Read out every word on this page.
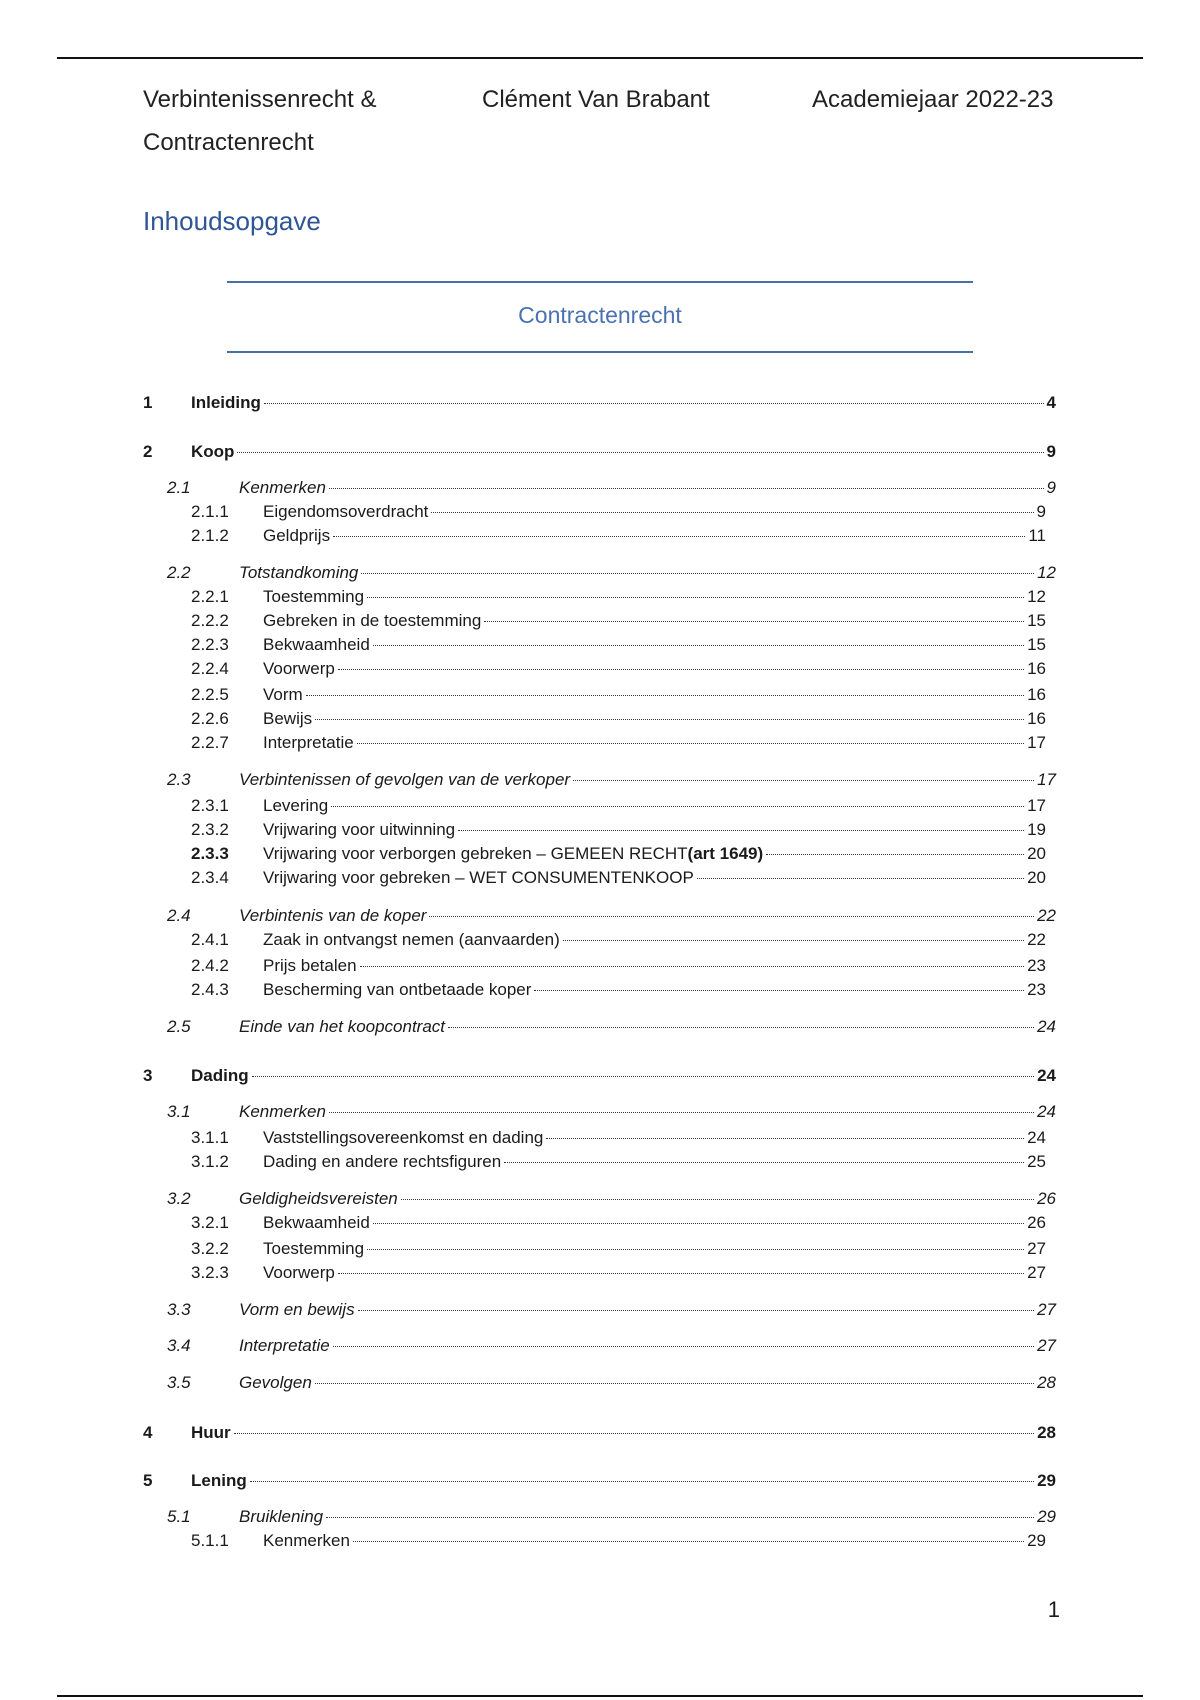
Verbintenissenrecht & Contractenrecht
Clément Van Brabant	Academiejaar 2022-23
Inhoudsopgave
Contractenrecht
1 Inleiding	4
2 Koop	9
2.1	Kenmerken	9
2.1.1 Eigendomsoverdracht	9
2.1.2 Geldprijs	11
2.2	Totstandkoming	12
2.2.1 Toestemming	12
2.2.2 Gebreken in de toestemming	15
2.2.3 Bekwaamheid	15
2.2.4 Voorwerp	16
2.2.5 Vorm	16
2.2.6 Bewijs	16
2.2.7 Interpretatie	17
2.3	Verbintenissen of gevolgen van de verkoper	17
2.3.1 Levering	17
2.3.2 Vrijwaring voor uitwinning	19
2.3.3 Vrijwaring voor verborgen gebreken – GEMEEN RECHT (art 1649)	20
2.3.4 Vrijwaring voor gebreken – WET CONSUMENTENKOOP	20
2.4	Verbintenis van de koper	22
2.4.1 Zaak in ontvangst nemen (aanvaarden)	22
2.4.2 Prijs betalen	23
2.4.3 Bescherming van ontbetaade koper	23
2.5	Einde van het koopcontract	24
3 Dading	24
3.1	Kenmerken	24
3.1.1 Vaststellingsovereenkomst en dading	24
3.1.2 Dading en andere rechtsfiguren	25
3.2	Geldigheidsvereisten	26
3.2.1 Bekwaamheid	26
3.2.2 Toestemming	27
3.2.3 Voorwerp	27
3.3	Vorm en bewijs	27
3.4	Interpretatie	27
3.5	Gevolgen	28
4 Huur	28
5 Lening	29
5.1	Bruiklening	29
5.1.1 Kenmerken	29
1
